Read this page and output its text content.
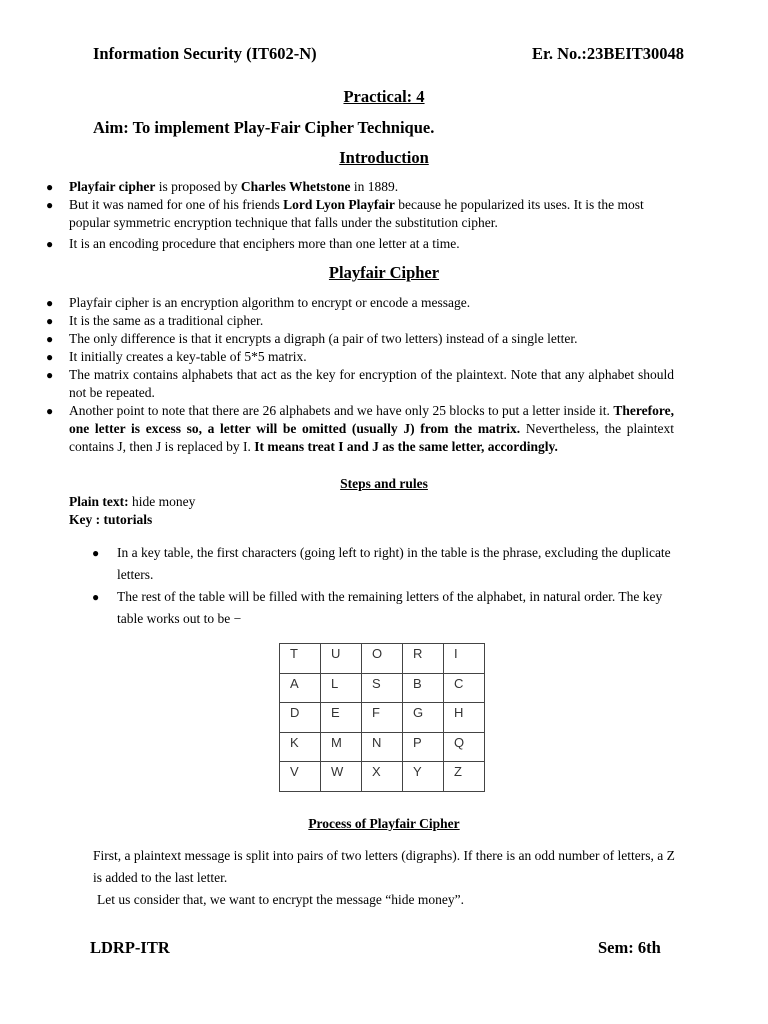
Information Security (IT602-N)	Er. No.:23BEIT30048
Practical: 4
Aim: To implement Play-Fair Cipher Technique.
Introduction
● Playfair cipher is proposed by Charles Whetstone in 1889.
● But it was named for one of his friends Lord Lyon Playfair because he popularized its uses. It is the most popular symmetric encryption technique that falls under the substitution cipher.
● It is an encoding procedure that enciphers more than one letter at a time.
Playfair Cipher
● Playfair cipher is an encryption algorithm to encrypt or encode a message.
● It is the same as a traditional cipher.
● The only difference is that it encrypts a digraph (a pair of two letters) instead of a single letter.
● It initially creates a key-table of 5*5 matrix.
● The matrix contains alphabets that act as the key for encryption of the plaintext. Note that any alphabet should not be repeated.
● Another point to note that there are 26 alphabets and we have only 25 blocks to put a letter inside it. Therefore, one letter is excess so, a letter will be omitted (usually J) from the matrix. Nevertheless, the plaintext contains J, then J is replaced by I. It means treat I and J as the same letter, accordingly.
Steps and rules
Plain text: hide money
Key : tutorials
● In a key table, the first characters (going left to right) in the table is the phrase, excluding the duplicate letters.
● The rest of the table will be filled with the remaining letters of the alphabet, in natural order. The key table works out to be −
T	U	O	R	I
A	L	S	B	C
D	E	F	G	H
K	M	N	P	Q
V	W	X	Y	Z
Process of Playfair Cipher
First, a plaintext message is split into pairs of two letters (digraphs). If there is an odd number of letters, a Z is added to the last letter.
Let us consider that, we want to encrypt the message “hide money”.
LDRP-ITR	Sem: 6th
